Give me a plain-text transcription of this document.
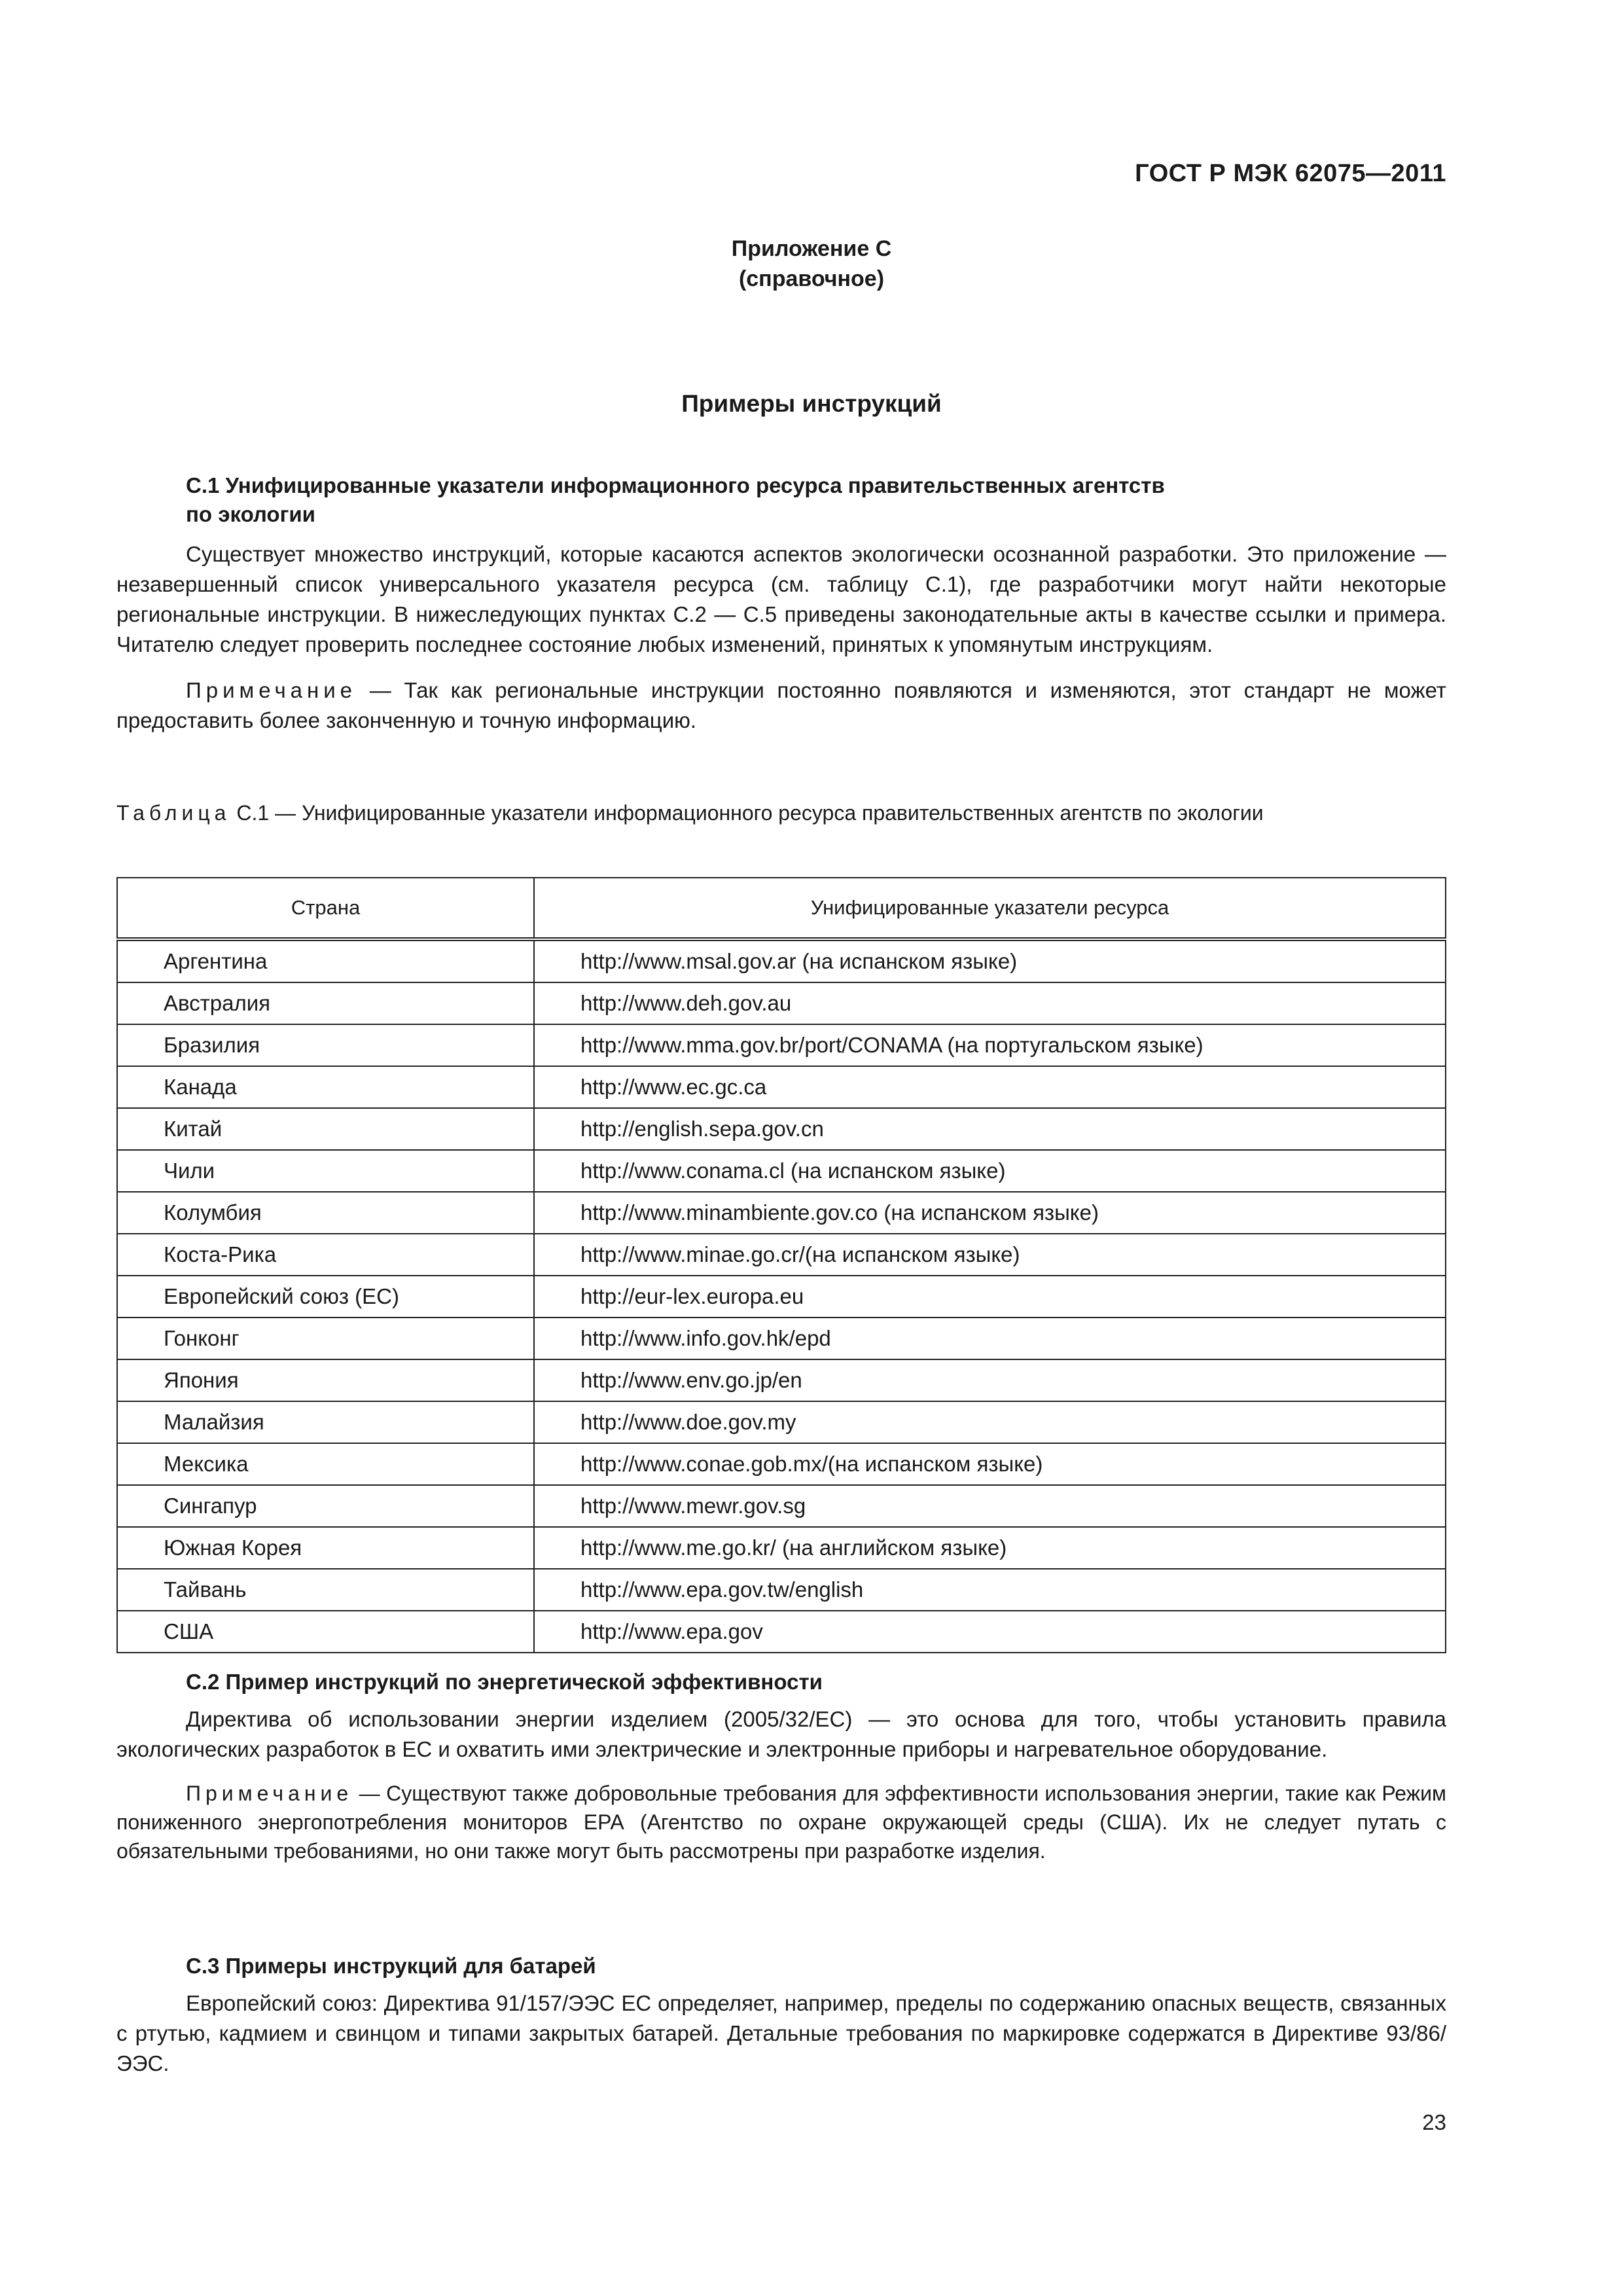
ГОСТ Р МЭК 62075—2011
Приложение С
(справочное)
Примеры инструкций
С.1 Унифицированные указатели информационного ресурса правительственных агентств
по экологии

Существует множество инструкций, которые касаются аспектов экологически осознанной разработки. Это приложение — незавершенный список универсального указателя ресурса (см. таблицу С.1), где разработчики могут найти некоторые региональные инструкции. В нижеследующих пунктах С.2 — С.5 приведены законодательные акты в качестве ссылки и примера. Читателю следует проверить последнее состояние любых изменений, принятых к упомянутым инструкциям.

Примечание — Так как региональные инструкции постоянно появляются и изменяются, этот стандарт не может предоставить более законченную и точную информацию.

Таблица С.1 — Унифицированные указатели информационного ресурса правительственных агентств по экологии

Страна	Унифицированные указатели ресурса
Аргентина	http://www.msal.gov.ar (на испанском языке)
Австралия	http://www.deh.gov.au
Бразилия	http://www.mma.gov.br/port/CONAMA (на португальском языке)
Канада	http://www.ec.gc.ca
Китай	http://english.sepa.gov.cn
Чили	http://www.conama.cl (на испанском языке)
Колумбия	http://www.minambiente.gov.co (на испанском языке)
Коста-Рика	http://www.minae.go.cr/(на испанском языке)
Европейский союз (ЕС)	http://eur-lex.europa.eu
Гонконг	http://www.info.gov.hk/epd
Япония	http://www.env.go.jp/en
Малайзия	http://www.doe.gov.my
Мексика	http://www.conae.gob.mx/(на испанском языке)
Сингапур	http://www.mewr.gov.sg
Южная Корея	http://www.me.go.kr/ (на английском языке)
Тайвань	http://www.epa.gov.tw/english
США	http://www.epa.gov
С.2 Пример инструкций по энергетической эффективности

Директива об использовании энергии изделием (2005/32/ЕС) — это основа для того, чтобы установить правила экологических разработок в ЕС и охватить ими электрические и электронные приборы и нагревательное оборудование.

Примечание — Существуют также добровольные требования для эффективности использования энергии, такие как Режим пониженного энергопотребления мониторов ЕРА (Агентство по охране окружающей среды (США). Их не следует путать с обязательными требованиями, но они также могут быть рассмотрены при разработке изделия.

С.3 Примеры инструкций для батарей

Европейский союз: Директива 91/157/ЭЭС ЕС определяет, например, пределы по содержанию опасных веществ, связанных с ртутью, кадмием и свинцом и типами закрытых батарей. Детальные требования по маркировке содержатся в Директиве 93/86/ЭЭС.

23
